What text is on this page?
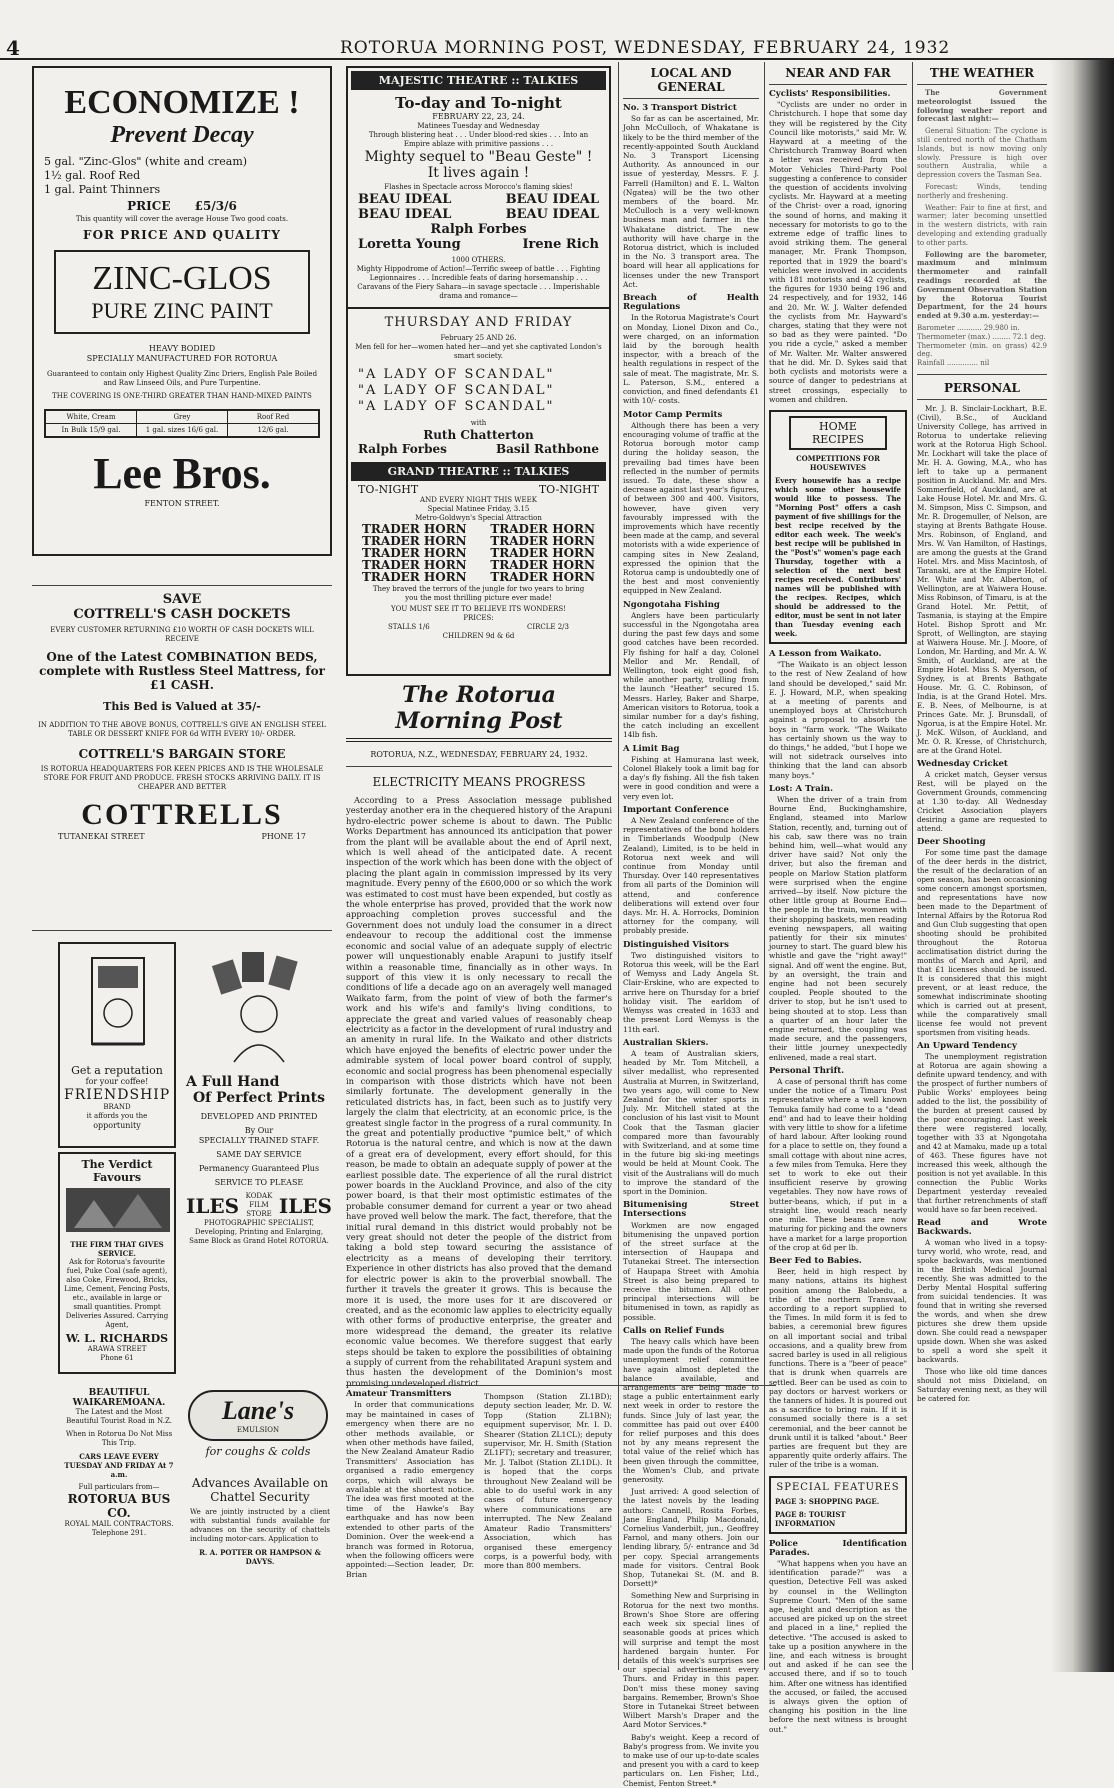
4	ROTORUA MORNING POST, WEDNESDAY, FEBRUARY 24, 1932
ECONOMIZE !
Prevent Decay
5 gal. "Zinc-Glos" (white and cream)
1½ gal. Roof Red
1 gal. Paint Thinners
PRICE £5/3/6
This quantity will cover the average House Two good coats.
FOR PRICE AND QUALITY
ZINC-GLOS
PURE ZINC PAINT
HEAVY BODIED
SPECIALLY MANUFACTURED FOR ROTORUA
Guaranteed to contain only Highest Quality Zinc Driers, English Pale Boiled and Raw Linseed Oils, and Pure Turpentine.
THE COVERING IS ONE-THIRD GREATER THAN HAND-MIXED PAINTS
White, Cream	Grey	Roof Red
In Bulk 15/9 gal.	1 gal. sizes 16/6 gal.	12/6 gal.
Lee Bros.
FENTON STREET.
SAVE
COTTRELL'S CASH DOCKETS
EVERY CUSTOMER RETURNING £10 WORTH OF CASH DOCKETS WILL RECEIVE
One of the Latest COMBINATION BEDS, complete with Rustless Steel Mattress, for £1 CASH.
This Bed is Valued at 35/-
IN ADDITION TO THE ABOVE BONUS, COTTRELL'S GIVE AN ENGLISH STEEL TABLE OR DESSERT KNIFE FOR 6d WITH EVERY 10/- ORDER.
COTTRELL'S BARGAIN STORE
IS ROTORUA HEADQUARTERS FOR KEEN PRICES AND IS THE WHOLESALE STORE FOR FRUIT AND PRODUCE. FRESH STOCKS ARRIVING DAILY. IT IS CHEAPER AND BETTER
COTTRELLS
TUTANEKAI STREET	PHONE 17
Get a reputation
for your coffee!
FRIENDSHIP
BRAND
it affords you the
opportunity
The Verdict Favours
THE FIRM THAT GIVES SERVICE.
Ask for Rotorua's favourite fuel, Puke Coal (safe agent), also Coke, Firewood, Bricks, Lime, Cement, Fencing Posts, etc., available in large or small quantities. Prompt Deliveries Assured. Carrying Agent,
W. L. RICHARDS
ARAWA STREET
Phone 61
A Full Hand
Of Perfect Prints
DEVELOPED AND PRINTED
By Our
SPECIALLY TRAINED STAFF.
SAME DAY SERVICE
Permanency Guaranteed Plus
SERVICE TO PLEASE
ILES KODAK FILM STORE ILES
PHOTOGRAPHIC SPECIALIST, Developing, Printing and Enlarging, Same Block as Grand Hotel ROTORUA.
BEAUTIFUL WAIKAREMOANA.
The Latest and the Most Beautiful Tourist Road in N.Z.
When in Rotorua Do Not Miss This Trip.
CARS LEAVE EVERY TUESDAY AND FRIDAY At 7 a.m.
Full particulars from—
ROTORUA BUS CO.
ROYAL MAIL CONTRACTORS. Telephone 291.
Lane's
EMULSION
for coughs & colds
Advances Available on
Chattel Security
We are jointly instructed by a client with substantial funds available for advances on the security of chattels including motor-cars. Application to
R. A. POTTER OR HAMPSON & DAVYS.
MAJESTIC THEATRE :: TALKIES
To-day and To-night
FEBRUARY 22, 23, 24.
Matinees Tuesday and Wednesday
Through blistering heat . . . Under blood-red skies . . . Into an Empire ablaze with primitive passions . . .
Mighty sequel to "Beau Geste" !
It lives again !
Flashes in Spectacle across Morocco's flaming skies!
BEAU IDEAL	BEAU IDEAL
BEAU IDEAL	BEAU IDEAL
Ralph Forbes
Loretta Young	Irene Rich
1000 OTHERS.
Mighty Hippodrome of Action!—Terrific sweep of battle . . . Fighting Legionnaires . . . Incredible feats of daring horsemanship . . . Caravans of the Fiery Sahara—in savage spectacle . . . Imperishable drama and romance—
THURSDAY AND FRIDAY
February 25 AND 26.
Men fell for her—women hated her—and yet she captivated London's smart society.
"A LADY OF SCANDAL"
"A LADY OF SCANDAL"
"A LADY OF SCANDAL"
with
Ruth Chatterton
Ralph Forbes	Basil Rathbone
GRAND THEATRE :: TALKIES
TO-NIGHT	TO-NIGHT
AND EVERY NIGHT THIS WEEK
Special Matinee Friday, 3.15
Metro-Goldwyn's Special Attraction
TRADER HORN TRADER HORN
TRADER HORN TRADER HORN
TRADER HORN TRADER HORN
TRADER HORN TRADER HORN
TRADER HORN TRADER HORN
They braved the terrors of the jungle for two years to bring you the most thrilling picture ever made!
YOU MUST SEE IT TO BELIEVE ITS WONDERS!
PRICES:
STALLS 1/6	CIRCLE 2/3
CHILDREN 9d & 6d
The Rotorua Morning Post
ROTORUA, N.Z., WEDNESDAY, FEBRUARY 24, 1932.
ELECTRICITY MEANS PROGRESS

According to a Press Association message published yesterday another era in the chequered history of the Arapuni hydro-electric power scheme is about to dawn. The Public Works Department has announced its anticipation that power from the plant will be available about the end of April next, which is well ahead of the anticipated date. A recent inspection of the work which has been done with the object of placing the plant again in commission impressed by its very magnitude. Every penny of the £600,000 or so which the work was estimated to cost must have been expended, but costly as the whole enterprise has proved, provided that the work now approaching completion proves successful and the Government does not unduly load the consumer in a direct endeavour to recoup the additional cost the immense economic and social value of an adequate supply of electric power will unquestionably enable Arapuni to justify itself within a reasonable time, financially as in other ways. In support of this view it is only necessary to recall the conditions of life a decade ago on an averagely well managed Waikato farm, from the point of view of both the farmer's work and his wife's and family's living conditions, to appreciate the great and varied values of reasonably cheap electricity as a factor in the development of rural industry and an amenity in rural life. In the Waikato and other districts which have enjoyed the benefits of electric power under the admirable system of local power board control of supply, economic and social progress has been phenomenal especially in comparison with those districts which have not been similarly fortunate. The development generally in the reticulated districts has, in fact, been such as to justify very largely the claim that electricity, at an economic price, is the greatest single factor in the progress of a rural community. In the great and potentially productive "pumice belt," of which Rotorua is the natural centre, and which is now at the dawn of a great era of development, every effort should, for this reason, be made to obtain an adequate supply of power at the earliest possible date. The experience of all the rural district power boards in the Auckland Province, and also of the city power board, is that their most optimistic estimates of the probable consumer demand for current a year or two ahead have proved well below the mark. The fact, therefore, that the initial rural demand in this district would probably not be very great should not deter the people of the district from taking a bold step toward securing the assistance of electricity as a means of developing their territory. Experience in other districts has also proved that the demand for electric power is akin to the proverbial snowball. The further it travels the greater it grows. This is because the more it is used, the more uses for it are discovered or created, and as the economic law applies to electricity equally with other forms of productive enterprise, the greater and more widespread the demand, the greater its relative economic value becomes. We therefore suggest that early steps should be taken to explore the possibilities of obtaining a supply of current from the rehabilitated Arapuni system and thus hasten the development of the Dominion's most promising undeveloped district.

Amateur Transmitters

In order that communications may be maintained in cases of emergency when there are no other methods available, or when other methods have failed, the New Zealand Amateur Radio Transmitters' Association has organised a radio emergency corps, which will always be available at the shortest notice. The idea was first mooted at the time of the Hawke's Bay earthquake and has now been extended to other parts of the Dominion. Over the week-end a branch was formed in Rotorua, when the following officers were appointed:—Section leader, Dr. Brian

Thompson (Station ZL1BD); deputy section leader, Mr. D. W. Topp (Station ZL1BN); equipment supervisor, Mr. I. D. Shearer (Station ZL1CL); deputy supervisor, Mr. H. Smith (Station ZL1FT); secretary and treasurer, Mr. J. Talbot (Station ZL1DL). It is hoped that the corps throughout New Zealand will be able to do useful work in any cases of future emergency where communications are interrupted. The New Zealand Amateur Radio Transmitters' Association, which has organised these emergency corps, is a powerful body, with more than 800 members.

LOCAL AND GENERAL
No. 3 Transport District

So far as can be ascertained, Mr. John McCulloch, of Whakatane is likely to be the third member of the recently-appointed South Auckland No. 3 Transport Licensing Authority. As announced in our issue of yesterday, Messrs. F. J. Farrell (Hamilton) and E. L. Walton (Ngatea) will be the two other members of the board. Mr. McCulloch is a very well-known business man and farmer in the Whakatane district. The new authority will have charge in the Rotorua district, which is included in the No. 3 transport area. The board will hear all applications for licenses under the new Transport Act.

Breach of Health Regulations

In the Rotorua Magistrate's Court on Monday, Lionel Dixon and Co., were charged, on an information laid by the borough health inspector, with a breach of the health regulations in respect of the sale of meat. The magistrate, Mr. S. L. Paterson, S.M., entered a conviction, and fined defendants £1 with 10/- costs.

Motor Camp Permits

Although there has been a very encouraging volume of traffic at the Rotorua borough motor camp during the holiday season, the prevailing bad times have been reflected in the number of permits issued. To date, these show a decrease against last year's figures, of between 300 and 400. Visitors, however, have given very favourably impressed with the improvements which have recently been made at the camp, and several motorists with a wide experience of camping sites in New Zealand, expressed the opinion that the Rotorua camp is undoubtedly one of the best and most conveniently equipped in New Zealand.

Ngongotaha Fishing

Anglers have been particularly successful in the Ngongotaha area during the past few days and some good catches have been recorded. Fly fishing for half a day, Colonel Mellor and Mr. Rendall, of Wellington, took eight good fish, while another party, trolling from the launch "Heather" secured 15. Messrs. Harley, Baker and Sharpe, American visitors to Rotorua, took a similar number for a day's fishing, the catch including an excellent 14lb fish.

A Limit Bag

Fishing at Hamurana last week, Colonel Blakely took a limit bag for a day's fly fishing. All the fish taken were in good condition and were a very even lot.

Important Conference

A New Zealand conference of the representatives of the bond holders in Timberlands Woodpulp (New Zealand), Limited, is to be held in Rotorua next week and will continue from Monday until Thursday. Over 140 representatives from all parts of the Dominion will attend, and conference deliberations will extend over four days. Mr. H. A. Horrocks, Dominion attorney for the company, will probably preside.

Distinguished Visitors

Two distinguished visitors to Rotorua this week, will be the Earl of Wemyss and Lady Angela St. Clair-Erskine, who are expected to arrive here on Thursday for a brief holiday visit. The earldom of Wemyss was created in 1633 and the present Lord Wemyss is the 11th earl.

Australian Skiers.

A team of Australian skiers, headed by Mr. Tom Mitchell, a silver medallist, who represented Australia at Murren, in Switzerland, two years ago, will come to New Zealand for the winter sports in July. Mr. Mitchell stated at the conclusion of his last visit to Mount Cook that the Tasman glacier compared more than favourably with Switzerland, and at some time in the future big ski-ing meetings would be held at Mount Cook. The visit of the Australians will do much to improve the standard of the sport in the Dominion.

Bitumenising Street Intersections

Workmen are now engaged bitumenising the unpaved portion of the street surface at the intersection of Haupapa and Tutanekai Street. The intersection of Haupapa Street with Amohia Street is also being prepared to receive the bitumen. All other principal intersections will be bitumenised in town, as rapidly as possible.

Calls on Relief Funds

The heavy calls which have been made upon the funds of the Rotorua unemployment relief committee have again almost depleted the balance available, and arrangements are being made to stage a public entertainment early next week in order to restore the funds. Since July of last year, the committee has paid out over £400 for relief purposes and this does not by any means represent the total value of the relief which has been given through the committee, the Women's Club, and private generosity.

Just arrived: A good selection of the latest novels by the leading authors: Cannell, Rosita Forbes, Jane England, Philip Macdonald, Cornelius Vanderbilt, jun., Geoffrey Farnol, and many others. Join our lending library, 5/- entrance and 3d per copy. Special arrangements made for visitors. Central Book Shop, Tutanekai St. (M. and B. Dorsett)*

Something New and Surprising in Rotorua for the next two months. Brown's Shoe Store are offering each week six special lines of seasonable goods at prices which will surprise and tempt the most hardened bargain hunter. For details of this week's surprises see our special advertisement every Thurs. and Friday in this paper. Don't miss these money saving bargains. Remember, Brown's Shoe Store in Tutanekai Street between Wilbert Marsh's Draper and the Aard Motor Services.*

Baby's weight. Keep a record of Baby's progress from. We invite you to make use of our up-to-date scales and present you with a card to keep particulars on. Len Fisher, Ltd., Chemist, Fenton Street.*

NEAR AND FAR
Cyclists' Responsibilities.

"Cyclists are under no order in Christchurch. I hope that some day they will be registered by the City Council like motorists," said Mr. W. Hayward at a meeting of the Christchurch Tramway Board when a letter was received from the Motor Vehicles Third-Party Pool suggesting a conference to consider the question of accidents involving cyclists. Mr. Hayward at a meeting of the Christ- over a road, ignoring the sound of horns, and making it necessary for motorists to go to the extreme edge of traffic lines to avoid striking them. The general manager, Mr. Frank Thompson, reported that in 1929 the board's vehicles were involved in accidents with 181 motorists and 42 cyclists, the figures for 1930 being 196 and 24 respectively, and for 1932, 146 and 20. Mr. W. J. Walter defended the cyclists from Mr. Hayward's charges, stating that they were not so bad as they were painted. "Do you ride a cycle," asked a member of Mr. Walter. Mr. Walter answered that he did. Mr. D. Sykes said that both cyclists and motorists were a source of danger to pedestrians at street crossings, especially to women and children.

HOME RECIPES
COMPETITIONS FOR HOUSEWIVES
Every housewife has a recipe which some other housewife would like to possess. The "Morning Post" offers a cash payment of five shillings for the best recipe received by the editor each week. The week's best recipe will be published in the "Post's" women's page each Thursday, together with a selection of the next best recipes received. Contributors' names will be published with the recipes. Recipes, which should be addressed to the editor, must be sent in not later than Tuesday evening each week.
A Lesson from Waikato.

"The Waikato is an object lesson to the rest of New Zealand of how land should be developed," said Mr. E. J. Howard, M.P., when speaking at a meeting of parents and unemployed boys at Christchurch against a proposal to absorb the boys in "farm work. "The Waikato has certainly shown us the way to do things," he added, "but I hope we will not sidetrack ourselves into thinking that the land can absorb many boys."

Lost: A Train.

When the driver of a train from Bourne End, Buckinghamshire, England, steamed into Marlow Station, recently, and, turning out of his cab, saw there was no train behind him, well—what would any driver have said? Not only the driver, but also the fireman and people on Marlow Station platform were surprised when the engine arrived—by itself. Now picture the other little group at Bourne End—the people in the train, women with their shopping baskets, men reading evening newspapers, all waiting patiently for their six minutes' journey to start. The guard blew his whistle and gave the "right away!" signal. And off went the engine. But, by an oversight, the train and engine had not been securely coupled. People shouted to the driver to stop, but he isn't used to being shouted at to stop. Less than a quarter of an hour later the engine returned, the coupling was made secure, and the passengers, their little journey unexpectedly enlivened, made a real start.

Personal Thrift.

A case of personal thrift has come under the notice of a Timaru Post representative where a well known Temuka family had come to a "dead end" and had to leave their holding with very little to show for a lifetime of hard labour. After looking round for a place to settle on, they found a small cottage with about nine acres, a few miles from Temuka. Here they set to work to eke out their insufficient reserve by growing vegetables. They now have rows of butter-beans, which, if put in a straight line, would reach nearly one mile. These beans are now maturing for picking and the owners have a market for a large proportion of the crop at 6d per lb.

Beer Fed to Babies.

Beer, held in high respect by many nations, attains its highest position among the Balobedu, a tribe of the northern Transvaal, according to a report supplied to the Times. In mild form it is fed to babies, a ceremonial brew figures on all important social and tribal occasions, and a quality brew from sacred barley is used in all religious functions. There is a "beer of peace" that is drunk when quarrels are settled. Beer can be used as coin to pay doctors or harvest workers or the tanners of hides. It is poured out as a sacrifice to bring rain. If it is consumed socially there is a set ceremonial, and the beer cannot be drunk until it is talked "about." Beer parties are frequent but they are apparently quite orderly affairs. The ruler of the tribe is a woman.

SPECIAL FEATURES
PAGE 3: SHOPPING PAGE.
PAGE 8: TOURIST INFORMATION
Police Identification Parades.

"What happens when you have an identification parade?" was a question, Detective Fell was asked by counsel in the Wellington Supreme Court. "Men of the same age, height and description as the accused are picked up on the street and placed in a line," replied the detective. "The accused is asked to take up a position anywhere in the line, and each witness is brought out and asked if he can see the accused there, and if so to touch him. After one witness has identified the accused, or failed, the accused is always given the option of changing his position in the line before the next witness is brought out."

THE WEATHER

The Government meteorologist issued the following weather report and forecast last night:—

General Situation: The cyclone is still centred north of the Chatham Islands, but is now moving only slowly. Pressure is high over southern Australia, while a depression covers the Tasman Sea.

Forecast: Winds, tending northerly and freshening.

Weather: Fair to fine at first, and warmer; later becoming unsettled in the western districts, with rain developing and extending gradually to other parts.

Following are the barometer, maximum and minimum thermometer and rainfall readings recorded at the Government Observation Station by the Rotorua Tourist Department, for the 24 hours ended at 9.30 a.m. yesterday:—

Barometer ........... 29.980 in.
Thermometer (max.) ........ 72.1 deg.
Thermometer (min. on grass) 42.9 deg.
Rainfall .............. nil
PERSONAL

Mr. J. B. Sinclair-Lockhart, B.E. (Civil), B.Sc., of Auckland University College, has arrived in Rotorua to undertake relieving work at the Rotorua High School. Mr. Lockhart will take the place of Mr. H. A. Gowing, M.A., who has left to take up a permanent position in Auckland. Mr. and Mrs. Sommerfield, of Auckland, are at Lake House Hotel. Mr. and Mrs. G. M. Simpson, Miss C. Simpson, and Mr. R. Drogemuller, of Nelson, are staying at Brents Bathgate House. Mrs. Robinson, of England, and Mrs. W. Van Hamilton, of Hastings, are among the guests at the Grand Hotel. Mrs. and Miss Macintosh, of Taranaki, are at the Empire Hotel. Mr. White and Mr. Alberton, of Wellington, are at Waiwera House. Miss Robinson, of Timaru, is at the Grand Hotel. Mr. Pettit, of Tasmania, is staying at the Empire Hotel. Bishop Sprott and Mr. Sprott, of Wellington, are staying at Waiwera House. Mr. J. Moore, of London, Mr. Harding, and Mr. A. W. Smith, of Auckland, are at the Empire Hotel. Miss S. Myerson, of Sydney, is at Brents Bathgate House. Mr. G. C. Robinson, of India, is at the Grand Hotel. Mrs. E. B. Nees, of Melbourne, is at Princes Gate. Mr. J. Brunsdall, of Ngorua, is at the Empire Hotel. Mr. J. McK. Wilson, of Auckland, and Mr. O. R. Kresse, of Christchurch, are at the Grand Hotel.

Wednesday Cricket

A cricket match, Geyser versus Rest, will be played on the Government Grounds, commencing at 1.30 to-day. All Wednesday Cricket Association players desiring a game are requested to attend.

Deer Shooting

For some time past the damage of the deer herds in the district, the result of the declaration of an open season, has been occasioning some concern amongst sportsmen, and representations have now been made to the Department of Internal Affairs by the Rotorua Rod and Gun Club suggesting that open shooting should be prohibited throughout the Rotorua acclimatisation district during the months of March and April, and that £1 licenses should be issued. It is considered that this might prevent, or at least reduce, the somewhat indiscriminate shooting which is carried out at present, while the comparatively small license fee would not prevent sportsmen from visiting heads.

An Upward Tendency

The unemployment registration at Rotorua are again showing a definite upward tendency, and with the prospect of further numbers of Public Works' employees being added to the list, the possibility of the burden at present caused by the poor encouraging. Last week there were registered locally, together with 33 at Ngongotaha and 42 at Mamaku, made up a total of 463. These figures have not increased this week, although the position is not yet available. In this connection the Public Works Department yesterday revealed that further retrenchments of staff would have so far been received.

Read and Wrote Backwards.

A woman who lived in a topsy-turvy world, who wrote, read, and spoke backwards, was mentioned in the British Medical Journal recently. She was admitted to the Derby Mental Hospital suffering from suicidal tendencies. It was found that in writing she reversed the words, and when she drew pictures she drew them upside down. She could read a newspaper upside down. When she was asked to spell a word she spelt it backwards.

Those who like old time dances should not miss Dixieland, on Saturday evening next, as they will be catered for.
